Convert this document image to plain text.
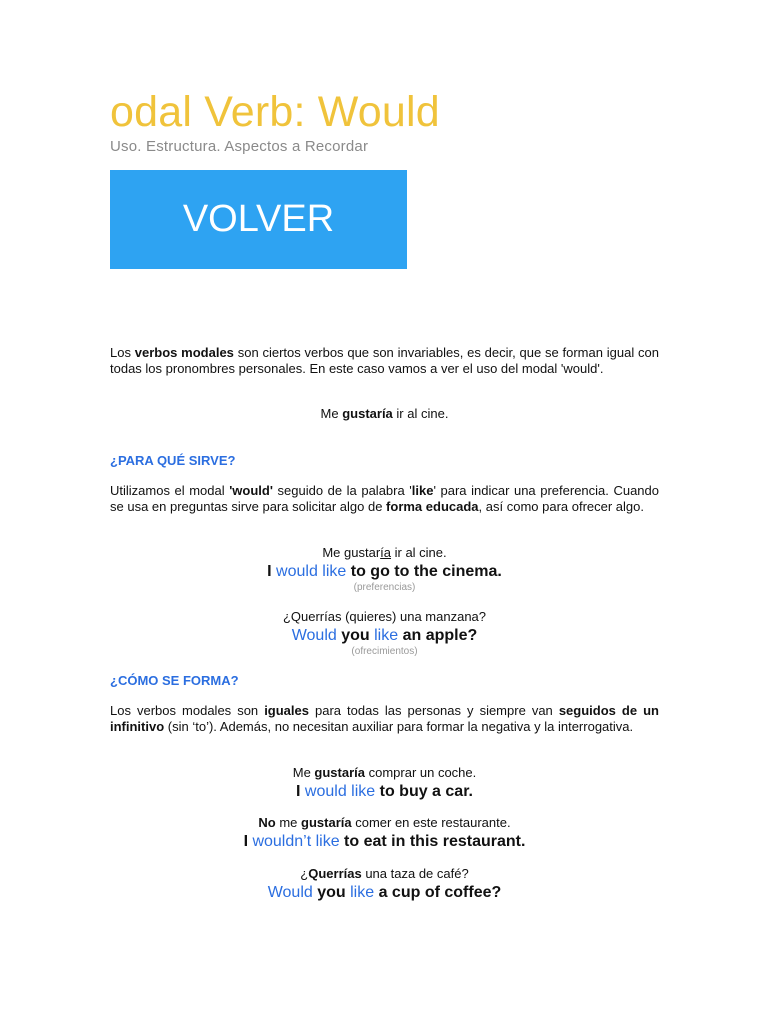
odal Verb: Would
Uso. Estructura. Aspectos a Recordar
VOLVER
Los verbos modales son ciertos verbos que son invariables, es decir, que se forman igual con todas los pronombres personales. En este caso vamos a ver el uso del modal 'would'.
Me gustaría ir al cine.
¿PARA QUÉ SIRVE?
Utilizamos el modal 'would' seguido de la palabra 'like' para indicar una preferencia. Cuando se usa en preguntas sirve para solicitar algo de forma educada, así como para ofrecer algo.
Me gustaría ir al cine.
I would like to go to the cinema.
(preferencias)
¿Querrías (quieres) una manzana?
Would you like an apple?
(ofrecimientos)
¿CÓMO SE FORMA?
Los verbos modales son iguales para todas las personas y siempre van seguidos de un infinitivo (sin ‘to’). Además, no necesitan auxiliar para formar la negativa y la interrogativa.
Me gustaría comprar un coche.
I would like to buy a car.
No me gustaría comer en este restaurante.
I wouldn’t like to eat in this restaurant.
¿Querrías una taza de café?
Would you like a cup of coffee?
